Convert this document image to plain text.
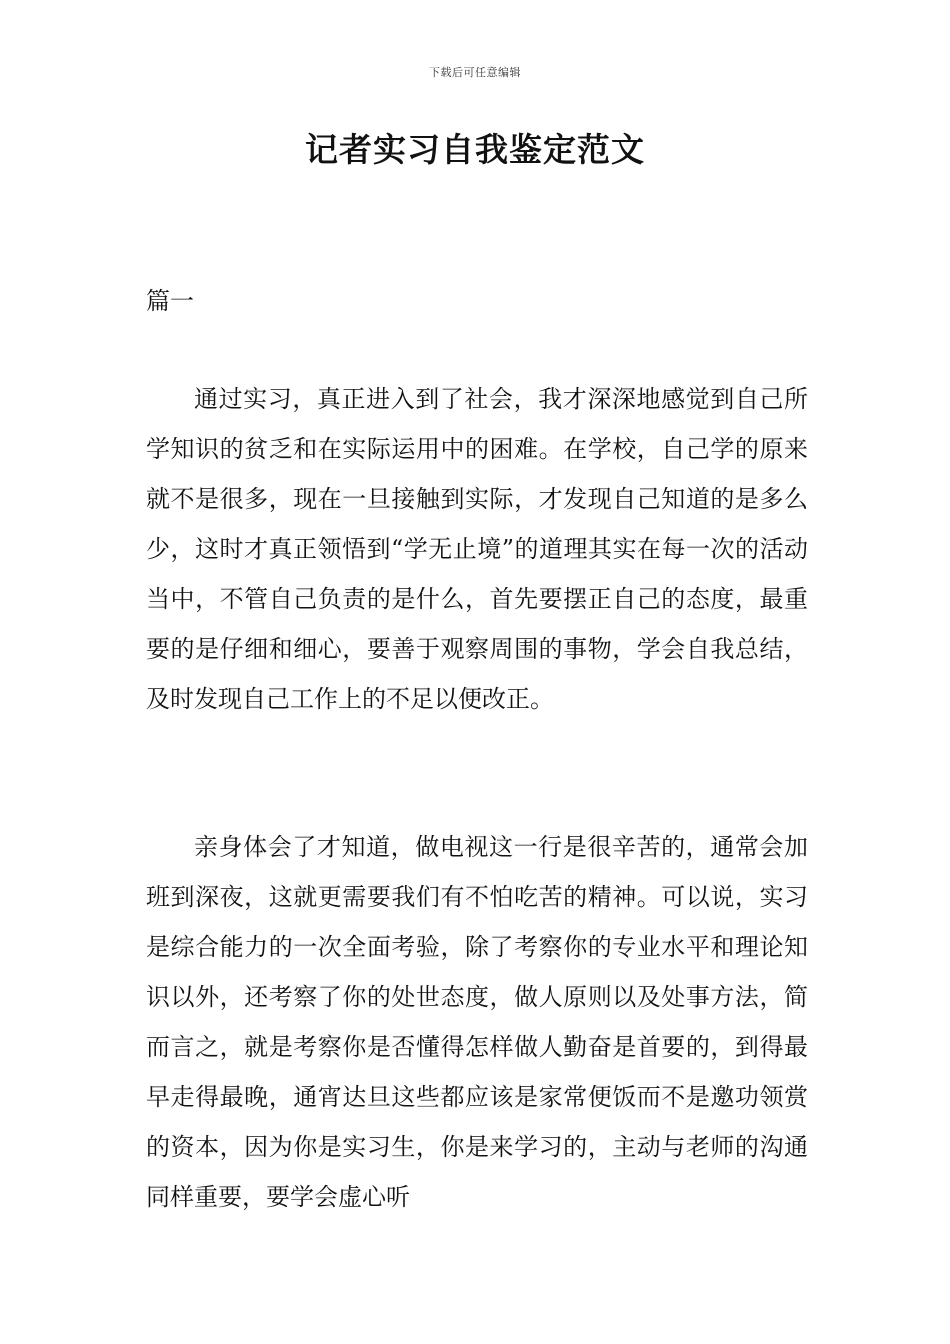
下载后可任意编辑
记者实习自我鉴定范文
篇一

通过实习，真正进入到了社会，我才深深地感觉到自己所学知识的贫乏和在实际运用中的困难。在学校，自己学的原来就不是很多，现在一旦接触到实际，才发现自己知道的是多么少，这时才真正领悟到“学无止境”的道理其实在每一次的活动当中，不管自己负责的是什么，首先要摆正自己的态度，最重要的是仔细和细心，要善于观察周围的事物，学会自我总结，及时发现自己工作上的不足以便改正。

亲身体会了才知道，做电视这一行是很辛苦的，通常会加班到深夜，这就更需要我们有不怕吃苦的精神。可以说，实习是综合能力的一次全面考验，除了考察你的专业水平和理论知识以外，还考察了你的处世态度，做人原则以及处事方法，简而言之，就是考察你是否懂得怎样做人勤奋是首要的，到得最早走得最晚，通宵达旦这些都应该是家常便饭而不是邀功领赏的资本，因为你是实习生，你是来学习的，主动与老师的沟通同样重要，要学会虚心听
